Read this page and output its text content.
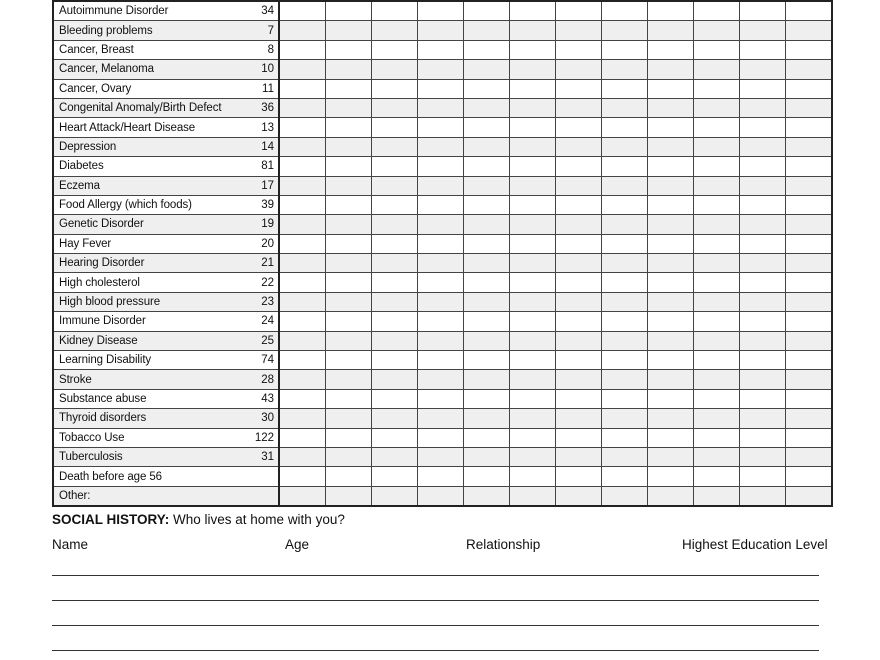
Autoimmune Disorder	34												
Bleeding problems	7												
Cancer, Breast	8												
Cancer, Melanoma	10												
Cancer, Ovary	11												
Congenital Anomaly/Birth Defect	36												
Heart Attack/Heart Disease	13												
Depression	14												
Diabetes	81												
Eczema	17												
Food Allergy (which foods)	39												
Genetic Disorder	19												
Hay Fever	20												
Hearing Disorder	21												
High cholesterol	22												
High blood pressure	23												
Immune Disorder	24												
Kidney Disease	25												
Learning Disability	74												
Stroke	28												
Substance abuse	43												
Thyroid disorders	30												
Tobacco Use	122												
Tuberculosis	31												
Death before age 56													
Other:													
SOCIAL HISTORY: Who lives at home with you?
Name	Age	Relationship	Highest Education Level
